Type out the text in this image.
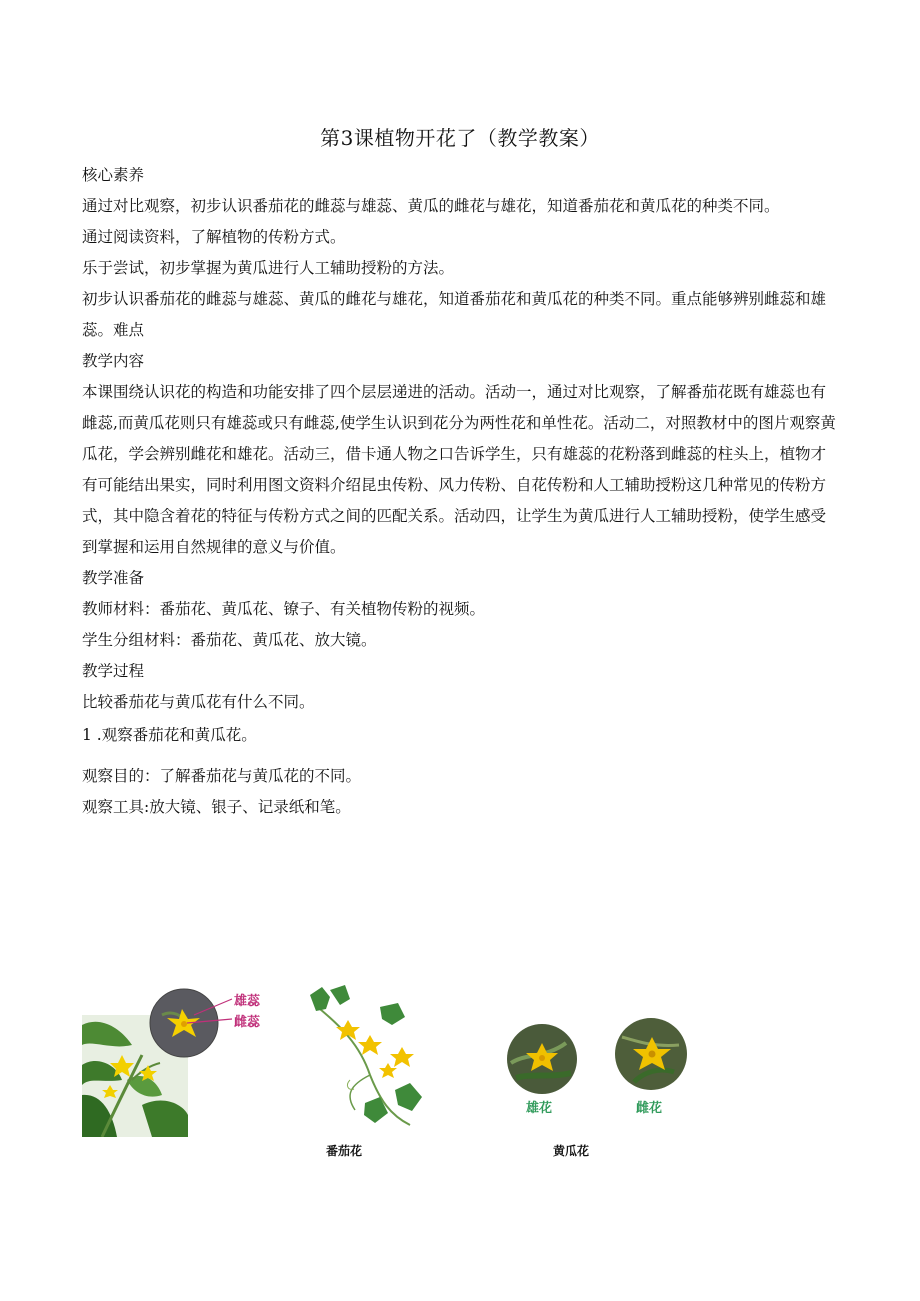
第3课植物开花了（教学教案）

核心素养

通过对比观察，初步认识番茄花的雌蕊与雄蕊、黄瓜的雌花与雄花，知道番茄花和黄瓜花的种类不同。

通过阅读资料，了解植物的传粉方式。

乐于尝试，初步掌握为黄瓜进行人工辅助授粉的方法。

初步认识番茄花的雌蕊与雄蕊、黄瓜的雌花与雄花，知道番茄花和黄瓜花的种类不同。重点能够辨别雌蕊和雄蕊。难点

教学内容

本课围绕认识花的构造和功能安排了四个层层递进的活动。活动一，通过对比观察，了解番茄花既有雄蕊也有雌蕊,而黄瓜花则只有雄蕊或只有雌蕊,使学生认识到花分为两性花和单性花。活动二，对照教材中的图片观察黄瓜花，学会辨别雌花和雄花。活动三，借卡通人物之口告诉学生，只有雄蕊的花粉落到雌蕊的柱头上，植物才有可能结出果实，同时利用图文资料介绍昆虫传粉、风力传粉、自花传粉和人工辅助授粉这几种常见的传粉方式，其中隐含着花的特征与传粉方式之间的匹配关系。活动四，让学生为黄瓜进行人工辅助授粉，使学生感受到掌握和运用自然规律的意义与价值。

教学准备

教师材料：番茄花、黄瓜花、镣子、有关植物传粉的视频。

学生分组材料：番茄花、黄瓜花、放大镜。

教学过程

比较番茄花与黄瓜花有什么不同。

1 .观察番茄花和黄瓜花。

观察目的：了解番茄花与黄瓜花的不同。

观察工具:放大镜、银子、记录纸和笔。

雄蕊
雌蕊
雄花	雌花
番茄花	黄瓜花
